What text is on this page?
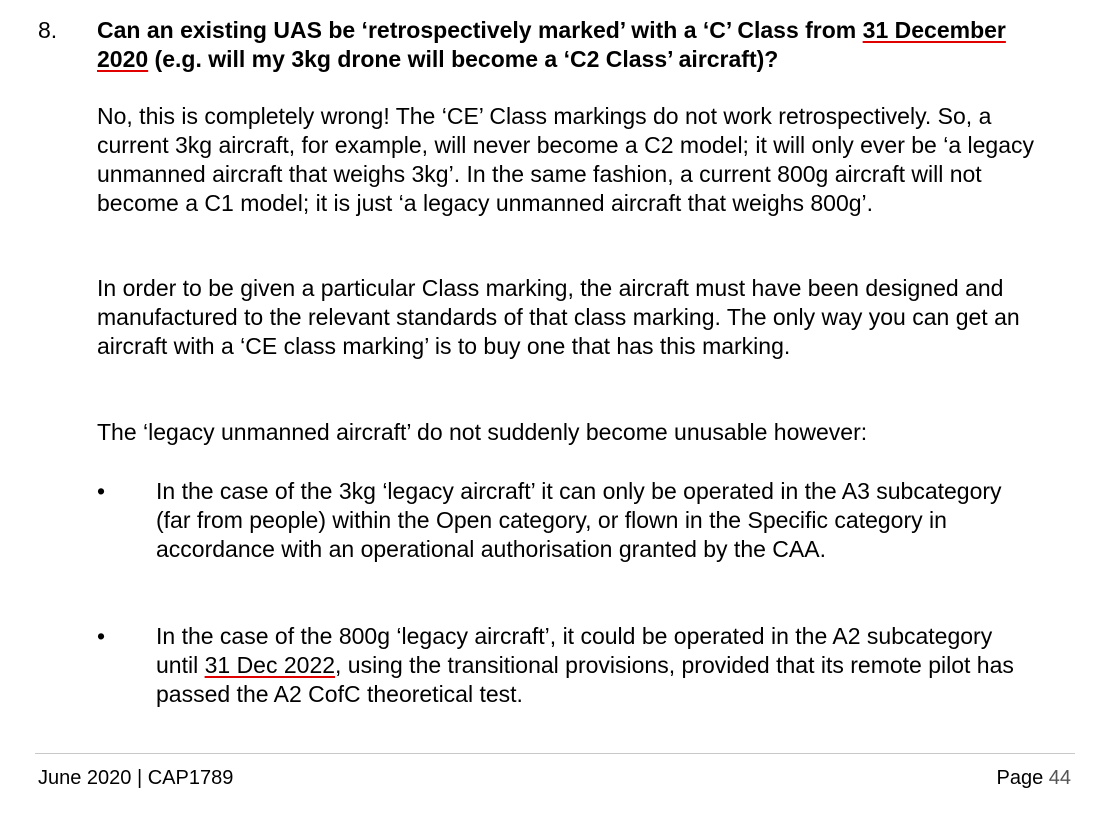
8. Can an existing UAS be ‘retrospectively marked’ with a ‘C’ Class from 31 December 2020 (e.g. will my 3kg drone will become a ‘C2 Class’ aircraft)?

No, this is completely wrong! The ‘CE’ Class markings do not work retrospectively. So, a current 3kg aircraft, for example, will never become a C2 model; it will only ever be ‘a legacy unmanned aircraft that weighs 3kg’. In the same fashion, a current 800g aircraft will not become a C1 model; it is just ‘a legacy unmanned aircraft that weighs 800g’.

In order to be given a particular Class marking, the aircraft must have been designed and manufactured to the relevant standards of that class marking. The only way you can get an aircraft with a ‘CE class marking’ is to buy one that has this marking.

The ‘legacy unmanned aircraft’ do not suddenly become unusable however:

• In the case of the 3kg ‘legacy aircraft’ it can only be operated in the A3 subcategory (far from people) within the Open category, or flown in the Specific category in accordance with an operational authorisation granted by the CAA.

• In the case of the 800g ‘legacy aircraft’, it could be operated in the A2 subcategory until 31 Dec 2022, using the transitional provisions, provided that its remote pilot has passed the A2 CofC theoretical test.

June 2020 | CAP1789	Page 44
